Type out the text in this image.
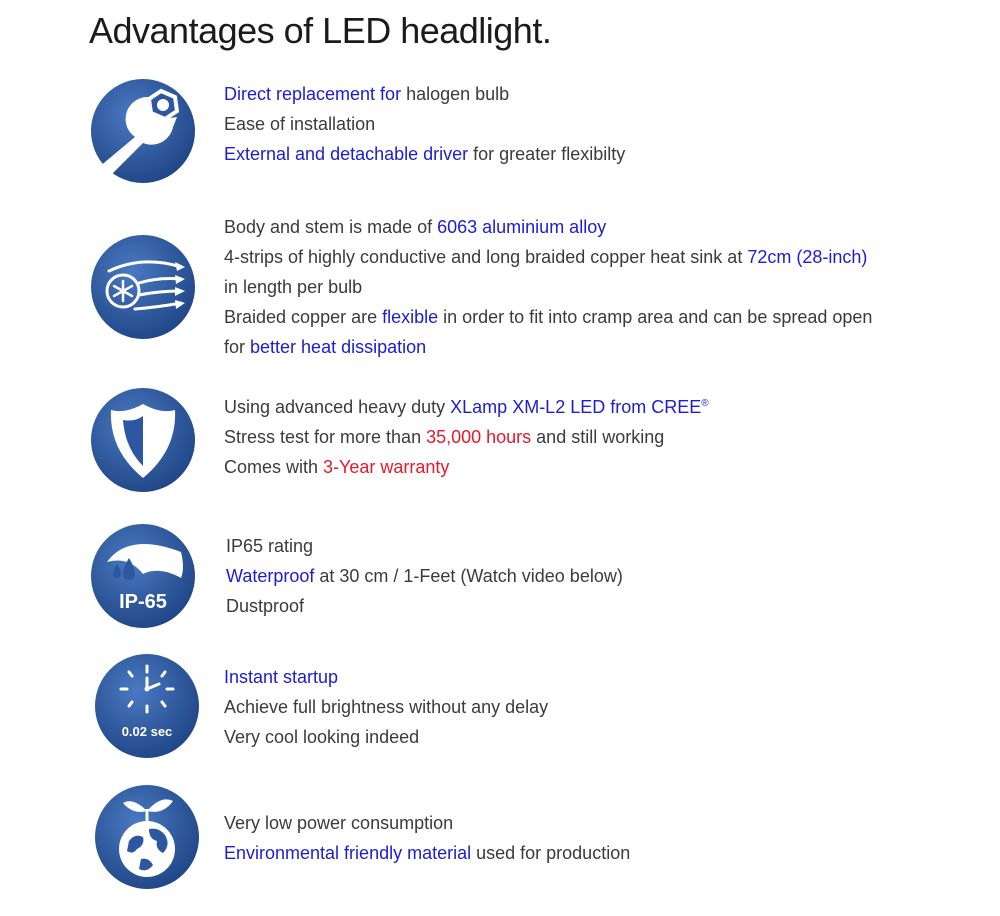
Advantages of LED headlight.
Direct replacement for halogen bulb
Ease of installation
External and detachable driver for greater flexibilty
Body and stem is made of 6063 aluminium alloy
4-strips of highly conductive and long braided copper heat sink at 72cm (28-inch)
in length per bulb
Braided copper are flexible in order to fit into cramp area and can be spread open
for better heat dissipation
Using advanced heavy duty XLamp XM-L2 LED from CREE®
Stress test for more than 35,000 hours and still working
Comes with 3-Year warranty
IP-65
IP65 rating
Waterproof at 30 cm / 1-Feet (Watch video below)
Dustproof
0.02 sec
Instant startup
Achieve full brightness without any delay
Very cool looking indeed
Very low power consumption
Environmental friendly material used for production
